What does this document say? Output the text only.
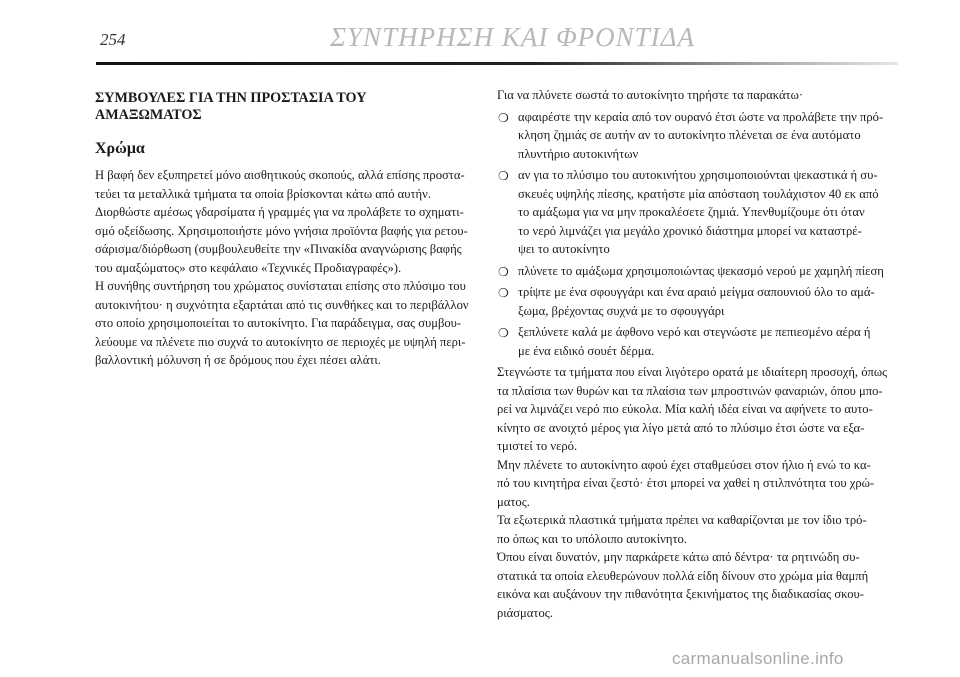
254	ΣΥΝΤΗΡΗΣΗ ΚΑΙ ΦΡΟΝΤΙΔΑ
ΣΥΜΒΟΥΛΕΣ ΓΙΑ ΤΗΝ ΠΡΟΣΤΑΣΙΑ ΤΟΥ
ΑΜΑΞΩΜΑΤΟΣ
Χρώμα
Η βαφή δεν εξυπηρετεί μόνο αισθητικούς σκοπούς, αλλά επίσης προστα-
τεύει τα μεταλλικά τμήματα τα οποία βρίσκονται κάτω από αυτήν.
Διορθώστε αμέσως γδαρσίματα ή γραμμές για να προλάβετε το σχηματι-
σμό οξείδωσης. Χρησιμοποιήστε μόνο γνήσια προϊόντα βαφής για ρετου-
σάρισμα/διόρθωση (συμβουλευθείτε την «Πινακίδα αναγνώρισης βαφής
του αμαξώματος» στο κεφάλαιο «Τεχνικές Προδιαγραφές»).
Η συνήθης συντήρηση του χρώματος συνίσταται επίσης στο πλύσιμο του
αυτοκινήτου· η συχνότητα εξαρτάται από τις συνθήκες και το περιβάλλον
στο οποίο χρησιμοποιείται το αυτοκίνητο. Για παράδειγμα, σας συμβου-
λεύουμε να πλένετε πιο συχνά το αυτοκίνητο σε περιοχές με υψηλή περι-
βαλλοντική μόλυνση ή σε δρόμους που έχει πέσει αλάτι.
Για να πλύνετε σωστά το αυτοκίνητο τηρήστε τα παρακάτω·
❍ αφαιρέστε την κεραία από τον ουρανό έτσι ώστε να προλάβετε την πρό-
κληση ζημιάς σε αυτήν αν το αυτοκίνητο πλένεται σε ένα αυτόματο
πλυντήριο αυτοκινήτων
❍ αν για το πλύσιμο του αυτοκινήτου χρησιμοποιούνται ψεκαστικά ή συ-
σκευές υψηλής πίεσης, κρατήστε μία απόσταση τουλάχιστον 40 εκ από
το αμάξωμα για να μην προκαλέσετε ζημιά. Υπενθυμίζουμε ότι όταν
το νερό λιμνάζει για μεγάλο χρονικό διάστημα μπορεί να καταστρέ-
ψει το αυτοκίνητο
❍ πλύνετε το αμάξωμα χρησιμοποιώντας ψεκασμό νερού με χαμηλή πίεση
❍ τρίψτε με ένα σφουγγάρι και ένα αραιό μείγμα σαπουνιού όλο το αμά-
ξωμα, βρέχοντας συχνά με το σφουγγάρι
❍ ξεπλύνετε καλά με άφθονο νερό και στεγνώστε με πεπιεσμένο αέρα ή
με ένα ειδικό σουέτ δέρμα.
Στεγνώστε τα τμήματα που είναι λιγότερο ορατά με ιδιαίτερη προσοχή, όπως
τα πλαίσια των θυρών και τα πλαίσια των μπροστινών φαναριών, όπου μπο-
ρεί να λιμνάζει νερό πιο εύκολα. Μία καλή ιδέα είναι να αφήνετε το αυτο-
κίνητο σε ανοιχτό μέρος για λίγο μετά από το πλύσιμο έτσι ώστε να εξα-
τμιστεί το νερό.
Μην πλένετε το αυτοκίνητο αφού έχει σταθμεύσει στον ήλιο ή ενώ το κα-
πό του κινητήρα είναι ζεστό· έτσι μπορεί να χαθεί η στιλπνότητα του χρώ-
ματος.
Τα εξωτερικά πλαστικά τμήματα πρέπει να καθαρίζονται με τον ίδιο τρό-
πο όπως και το υπόλοιπο αυτοκίνητο.
Όπου είναι δυνατόν, μην παρκάρετε κάτω από δέντρα· τα ρητινώδη συ-
στατικά τα οποία ελευθερώνουν πολλά είδη δίνουν στο χρώμα μία θαμπή
εικόνα και αυξάνουν την πιθανότητα ξεκινήματος της διαδικασίας σκου-
ριάσματος.
carmanualsonline.info
